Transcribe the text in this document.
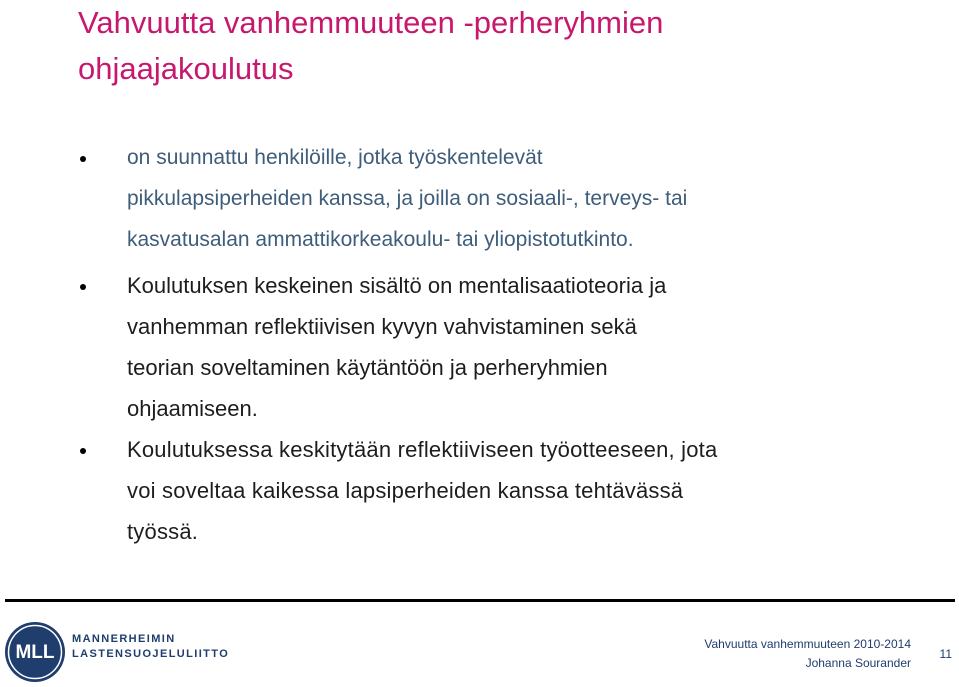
Vahvuutta vanhemmuuteen -perheryhmien
ohjaajakoulutus

on suunnattu henkilöille, jotka työskentelevät
pikkulapsiperheiden kanssa, ja joilla on sosiaali-, terveys- tai
kasvatusalan ammattikorkeakoulu- tai yliopistotutkinto.

Koulutuksen keskeinen sisältö on mentalisaatioteoria ja
vanhemman reflektiivisen kyvyn vahvistaminen sekä
teorian soveltaminen käytäntöön ja perheryhmien
ohjaamiseen.

Koulutuksessa keskitytään reflektiiviseen työotteeseen, jota
voi soveltaa kaikessa lapsiperheiden kanssa tehtävässä
työssä.

MLL
MANNERHEIMIN
LASTENSUOJELULIITTO
Vahvuutta vanhemmuuteen 2010-2014
Johanna Sourander
11
